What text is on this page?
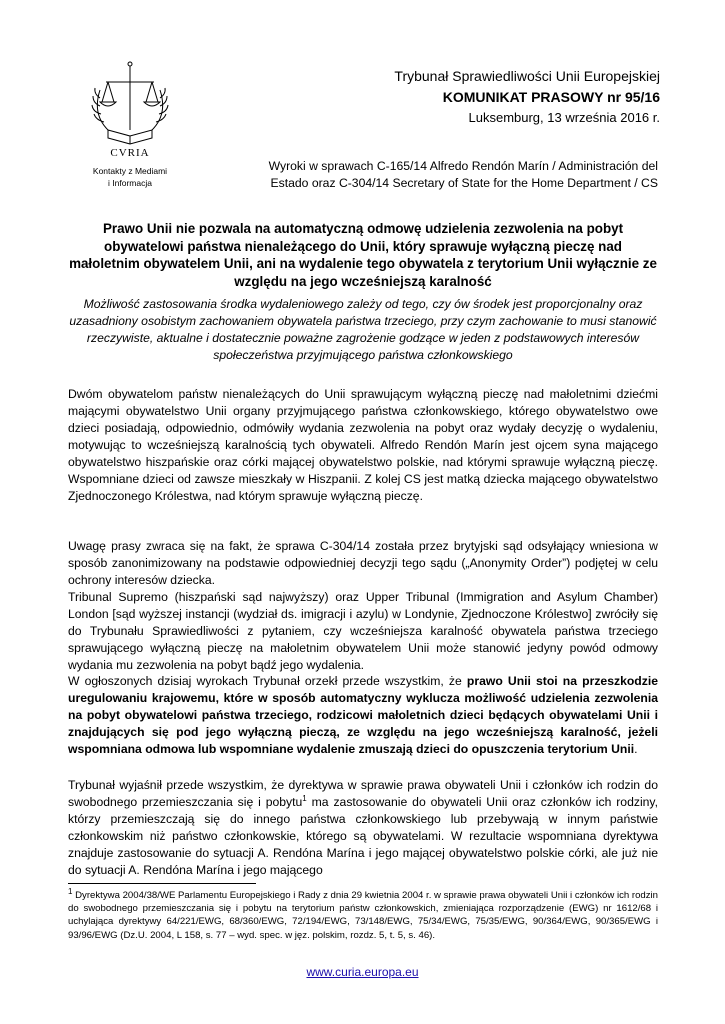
CVRIA
Kontakty z Mediami
i Informacja
Trybunał Sprawiedliwości Unii Europejskiej
KOMUNIKAT PRASOWY nr 95/16
Luksemburg, 13 września 2016 r.
Wyroki w sprawach C-165/14 Alfredo Rendón Marín / Administración del
Estado oraz C-304/14 Secretary of State for the Home Department / CS
Prawo Unii nie pozwala na automatyczną odmowę udzielenia zezwolenia na pobyt obywatelowi państwa nienależącego do Unii, który sprawuje wyłączną pieczę nad małoletnim obywatelem Unii, ani na wydalenie tego obywatela z terytorium Unii wyłącznie ze względu na jego wcześniejszą karalność
Możliwość zastosowania środka wydaleniowego zależy od tego, czy ów środek jest proporcjonalny oraz uzasadniony osobistym zachowaniem obywatela państwa trzeciego, przy czym zachowanie to musi stanowić rzeczywiste, aktualne i dostatecznie poważne zagrożenie godzące w jeden z podstawowych interesów społeczeństwa przyjmującego państwa członkowskiego
Dwóm obywatelom państw nienależących do Unii sprawującym wyłączną pieczę nad małoletnimi dziećmi mającymi obywatelstwo Unii organy przyjmującego państwa członkowskiego, którego obywatelstwo owe dzieci posiadają, odpowiednio, odmówiły wydania zezwolenia na pobyt oraz wydały decyzję o wydaleniu, motywując to wcześniejszą karalnością tych obywateli. Alfredo Rendón Marín jest ojcem syna mającego obywatelstwo hiszpańskie oraz córki mającej obywatelstwo polskie, nad którymi sprawuje wyłączną pieczę. Wspomniane dzieci od zawsze mieszkały w Hiszpanii. Z kolej CS jest matką dziecka mającego obywatelstwo Zjednoczonego Królestwa, nad którym sprawuje wyłączną pieczę.
Uwagę prasy zwraca się na fakt, że sprawa C-304/14 została przez brytyjski sąd odsyłający wniesiona w sposób zanonimizowany na podstawie odpowiedniej decyzji tego sądu („Anonymity Order”) podjętej w celu ochrony interesów dziecka.
Tribunal Supremo (hiszpański sąd najwyższy) oraz Upper Tribunal (Immigration and Asylum Chamber) London [sąd wyższej instancji (wydział ds. imigracji i azylu) w Londynie, Zjednoczone Królestwo] zwróciły się do Trybunału Sprawiedliwości z pytaniem, czy wcześniejsza karalność obywatela państwa trzeciego sprawującego wyłączną pieczę na małoletnim obywatelem Unii może stanowić jedyny powód odmowy wydania mu zezwolenia na pobyt bądź jego wydalenia.
W ogłoszonych dzisiaj wyrokach Trybunał orzekł przede wszystkim, że prawo Unii stoi na przeszkodzie uregulowaniu krajowemu, które w sposób automatyczny wyklucza możliwość udzielenia zezwolenia na pobyt obywatelowi państwa trzeciego, rodzicowi małoletnich dzieci będących obywatelami Unii i znajdujących się pod jego wyłączną pieczą, ze względu na jego wcześniejszą karalność, jeżeli wspomniana odmowa lub wspomniane wydalenie zmuszają dzieci do opuszczenia terytorium Unii.
Trybunał wyjaśnił przede wszystkim, że dyrektywa w sprawie prawa obywateli Unii i członków ich rodzin do swobodnego przemieszczania się i pobytu$^1$ ma zastosowanie do obywateli Unii oraz członków ich rodziny, którzy przemieszczają się do innego państwa członkowskiego lub przebywają w innym państwie członkowskim niż państwo członkowskie, którego są obywatelami. W rezultacie wspomniana dyrektywa znajduje zastosowanie do sytuacji A. Rendóna Marína i jego mającej obywatelstwo polskie córki, ale już nie do sytuacji A. Rendóna Marína i jego mającego
$^1$ Dyrektywa 2004/38/WE Parlamentu Europejskiego i Rady z dnia 29 kwietnia 2004 r. w sprawie prawa obywateli Unii i członków ich rodzin do swobodnego przemieszczania się i pobytu na terytorium państw członkowskich, zmieniająca rozporządzenie (EWG) nr 1612/68 i uchylająca dyrektywy 64/221/EWG, 68/360/EWG, 72/194/EWG, 73/148/EWG, 75/34/EWG, 75/35/EWG, 90/364/EWG, 90/365/EWG i 93/96/EWG (Dz.U. 2004, L 158, s. 77 – wyd. spec. w jęz. polskim, rozdz. 5, t. 5, s. 46).
www.curia.europa.eu
